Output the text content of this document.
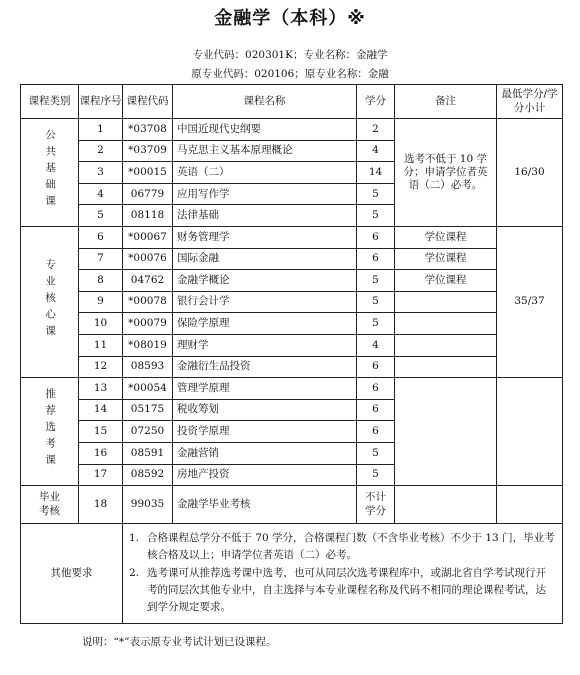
金融学（本科）※
专业代码：020301K；专业名称：金融学
原专业代码：020106；原专业名称：金融
课程类别	课程序号	课程代码	课程名称	学分	备注	最低学分/学分小计
公共基础课	1	*03708	中国近现代史纲要	2	选考不低于 10 学分；申请学位者英语（二）必考。	16/30
	2	*03709	马克思主义基本原理概论	4		
	3	*00015	英语（二）	14		
	4	06779	应用写作学	5		
	5	08118	法律基础	5		
专业核心课	6	*00067	财务管理学	6	学位课程	35/37
	7	*00076	国际金融	6	学位课程	
	8	04762	金融学概论	5	学位课程	
	9	*00078	银行会计学	5		
	10	*00079	保险学原理	5		
	11	*08019	理财学	4		
	12	08593	金融衍生品投资	6		
推荐选考课	13	*00054	管理学原理	6		
	14	05175	税收筹划	6		
	15	07250	投资学原理	6		
	16	08591	金融营销	5		
	17	08592	房地产投资	5		
毕业考核	18	99035	金融学毕业考核	不计学分		
其他要求		1. 合格课程总学分不低于 70 学分，合格课程门数（不含毕业考核）不少于 13 门，毕业考核合格及以上；申请学位者英语（二）必考。
2. 选考课可从推荐选考课中选考，也可从同层次选考课程库中，或湖北省自学考试现行开考的同层次其他专业中，自主选择与本专业课程名称及代码不相同的理论课程考试，达到学分规定要求。				
说明：“*”表示原专业考试计划已设课程。
